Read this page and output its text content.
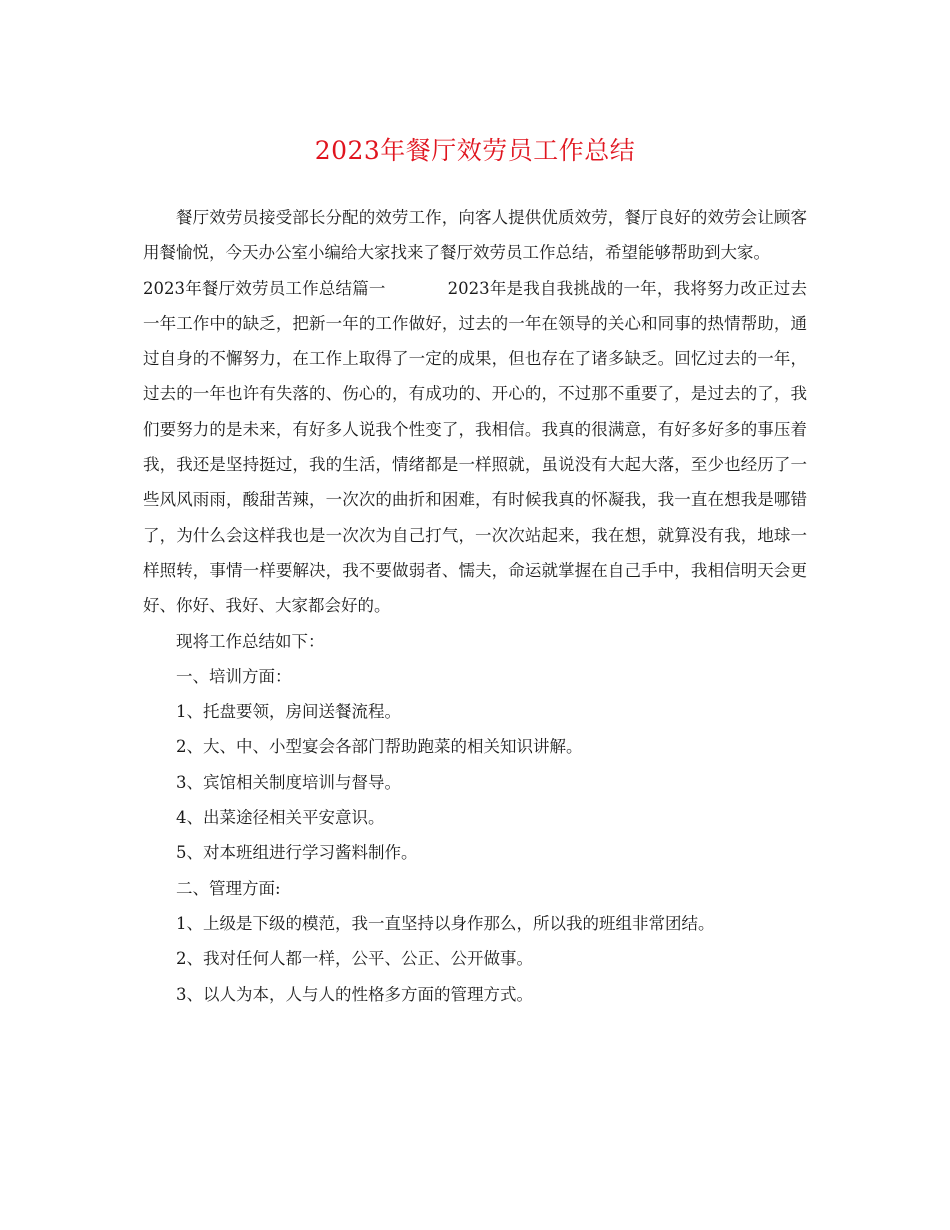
2023年餐厅效劳员工作总结

餐厅效劳员接受部长分配的效劳工作，向客人提供优质效劳，餐厅良好的效劳会让顾客用餐愉悦，今天办公室小编给大家找来了餐厅效劳员工作总结，希望能够帮助到大家。

2023年餐厅效劳员工作总结篇一	2023年是我自我挑战的一年，我将努力改正过去一年工作中的缺乏，把新一年的工作做好，过去的一年在领导的关心和同事的热情帮助，通过自身的不懈努力，在工作上取得了一定的成果，但也存在了诸多缺乏。回忆过去的一年，过去的一年也许有失落的、伤心的，有成功的、开心的，不过那不重要了，是过去的了，我们要努力的是未来，有好多人说我个性变了，我相信。我真的很满意，有好多好多的事压着我，我还是坚持挺过，我的生活，情绪都是一样照就，虽说没有大起大落，至少也经历了一些风风雨雨，酸甜苦辣，一次次的曲折和困难，有时候我真的怀凝我，我一直在想我是哪错了，为什么会这样我也是一次次为自己打气，一次次站起来，我在想，就算没有我，地球一样照转，事情一样要解决，我不要做弱者、懦夫，命运就掌握在自己手中，我相信明天会更好、你好、我好、大家都会好的。

现将工作总结如下：

一、培训方面：

1、托盘要领，房间送餐流程。

2、大、中、小型宴会各部门帮助跑菜的相关知识讲解。

3、宾馆相关制度培训与督导。

4、出菜途径相关平安意识。

5、对本班组进行学习酱料制作。

二、管理方面:

1、上级是下级的模范，我一直坚持以身作那么，所以我的班组非常团结。

2、我对任何人都一样，公平、公正、公开做事。

3、以人为本，人与人的性格多方面的管理方式。
